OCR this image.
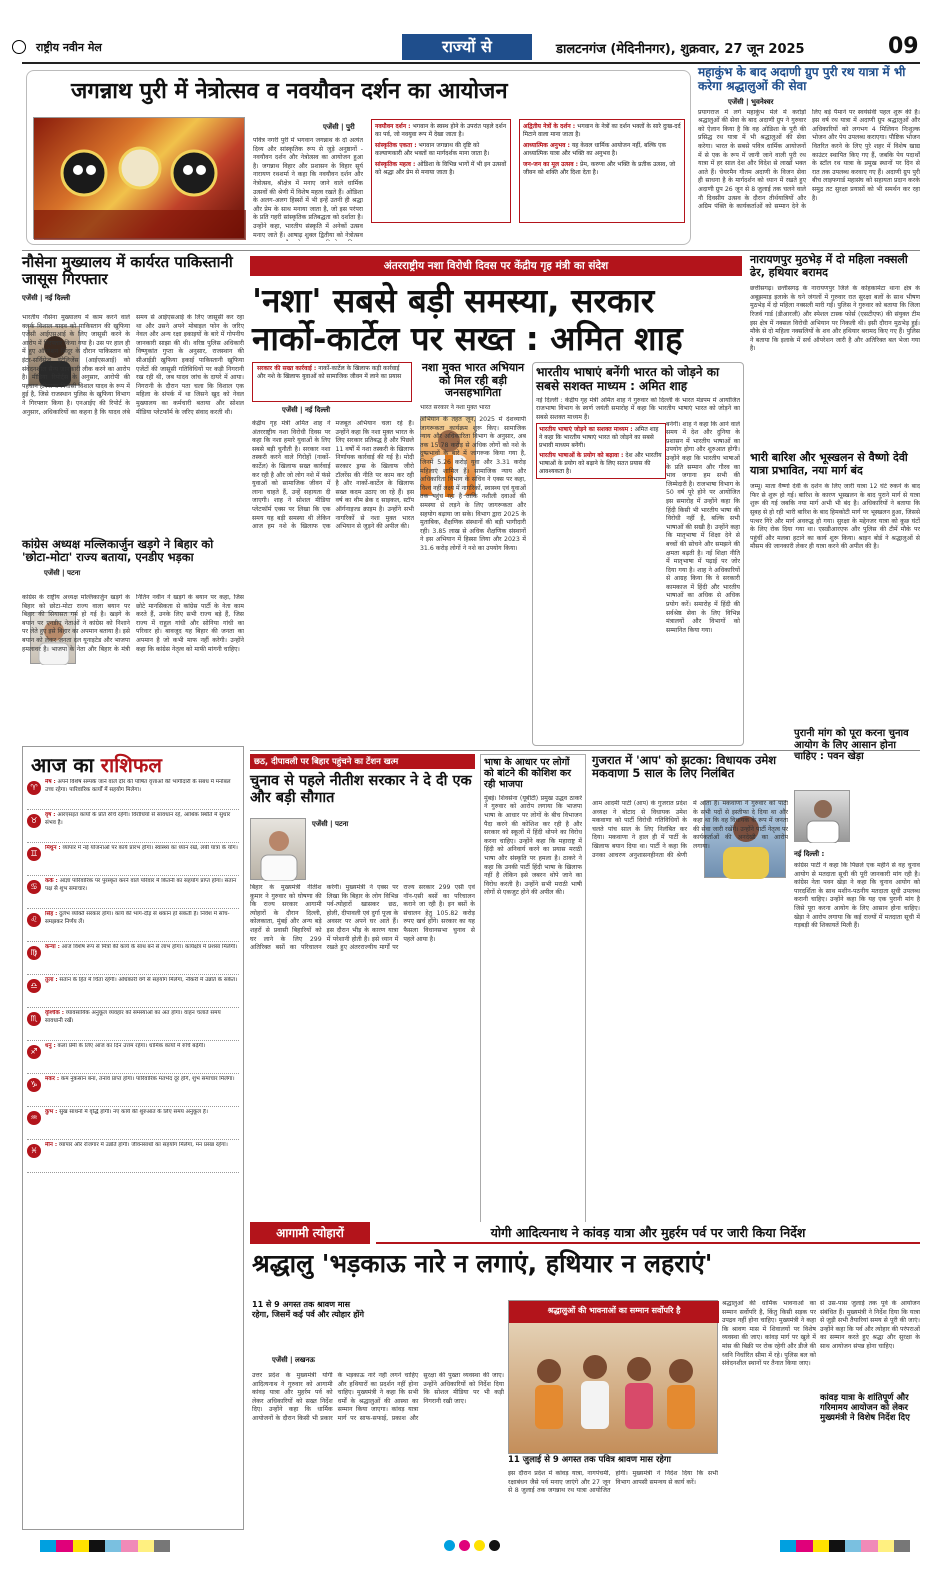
राष्ट्रीय नवीन मेल	राज्यों से	डालटनगंज (मेदिनीनगर), शुक्रवार, 27 जून 2025	09
जगन्नाथ पुरी में नेत्रोत्सव व नवयौवन दर्शन का आयोजन
एजेंसी | पुरी
पवित्र नगरी पुरी में भगवान जगन्नाथ के दो अत्यंत दिव्य और सांस्कृतिक रूप से जुड़े अनुष्ठानों - नवयौवन दर्शन और नेत्रोत्सव का आयोजन हुआ है। जगन्नाथ विहार और प्रशासन के विहार सूर्य नारायण रथशर्मा ने कहा कि नवयौवन दर्शन और नेत्रोत्सव, श्रीक्षेत्र में मनाए जाने वाले धार्मिक उत्सवों की श्रेणी में विशेष महत्व रखते हैं। ओडिशा के अलग-अलग हिस्सों में भी इन्हें उतनी ही श्रद्धा और प्रेम के साथ मनाया जाता है, जो इस परंपरा के प्रति गहरी सांस्कृतिक प्रतिबद्धता को दर्शाता है। उन्होंने कहा, भारतीय संस्कृति में अनेकों उत्सव मनाए जाते हैं। आषाढ़ शुक्ल द्वितीया को नेत्रोत्सव
नवयौवन दर्शन : भगवान के स्वस्थ होने के उपरांत पहले दर्शन का पर्व, जो नवयुवा रूप में देखा जाता है।
सांस्कृतिक एकता : भगवान जगन्नाथ की दृष्टि को कल्याणकारी और भक्तों का मार्गदर्शक माना जाता है।
सांस्कृतिक महत्व : ओडिशा के विभिन्न भागों में भी इन उत्सवों को श्रद्धा और प्रेम से मनाया जाता है।
अद्वितीय नेत्रों के दर्शन : भगवान के नेत्रों का दर्शन भक्तों के सारे दुःख-दर्द मिटाने वाला माना जाता है।
आध्यात्मिक अनुभव : यह केवल धार्मिक आयोजन नहीं, बल्कि एक आध्यात्मिक यात्रा और भक्ति का अनुभव है।
जन-जन का मूल उत्सव : प्रेम, करुणा और भक्ति के प्रतीक उत्सव, जो जीवन को शक्ति और दिशा देता है।
महाकुंभ के बाद अदाणी ग्रुप पुरी रथ यात्रा में भी करेगा श्रद्धालुओं की सेवा
एजेंसी | भुवनेश्वर
प्रयागराज में लगे महाकुंभ मेले में करोड़ों श्रद्धालुओं की सेवा के बाद अदाणी ग्रुप ने गुरुवार को ऐलान किया है कि वह ओडिशा के पुरी की प्रसिद्ध रथ यात्रा में भी श्रद्धालुओं की सेवा करेगा। भारत के सबसे पवित्र धार्मिक आयोजनों में से एक के रूप में जानी जाने वाली पुरी रथ यात्रा में हर साल देश और विदेश से लाखों भक्त आते हैं। चेयरमैन गौतम अदाणी के विजन सेवा ही साधना है के मार्गदर्शन को ध्यान में रखते हुए अदाणी ग्रुप 26 जून से 8 जुलाई तक चलने वाले नौ दिवसीय उत्सव के दौरान तीर्थयात्रियों और अग्रिम पंक्ति के कार्यकर्ताओं को सम्मान देने के लिए बड़े पैमाने पर स्वयंसेवी पहल शुरू की है। इस वर्ष रथ यात्रा में अदाणी ग्रुप श्रद्धालुओं और अधिकारियों को लगभग 4 मिलियन निःशुल्क भोजन और पेय उपलब्ध कराएगा। पौष्टिक भोजन वितरित करने के लिए पुरे शहर में विशेष खाद्य काउंटर स्थापित किए गए हैं, जबकि पेय पदार्थों के स्टॉल रथ यात्रा के प्रमुख स्थानों पर दिन से रात तक उपलब्ध करवाए गए हैं। अदाणी ग्रुप पुरी बीच लाइफगार्ड महासंघ को सहायता प्रदान करके समुद्र तट सुरक्षा प्रयासों को भी समर्थन कर रहा है।
नौसेना मुख्यालय में कार्यरत पाकिस्तानी जासूस गिरफ्तार
एजेंसी | नई दिल्ली
भारतीय नौसेना मुख्यालय में काम करने वाले क्लर्क विशाल यादव को पाकिस्तान की खुफिया एजेंसी आईएसआई के लिए जासूसी करने के आरोप में गिरफ्तार किया गया है। उस पर हाल ही में हुए ऑपरेशन सिंदूर के दौरान पाकिस्तान को इंटर-सर्विसेज इंटेलिजेंस (आईएसआई) को संवेदनशील सैन्य जानकारी लीक करने का आरोप है। मीडिया रिपोर्ट्स के अनुसार, आरोपी की पहचान हरियाणा निवासी विशाल यादव के रूप में हुई है, जिसे राजस्थान पुलिस के खुफिया विभाग ने गिरफ्तार किया है। एनआईए की रिपोर्ट के अनुसार, अधिकारियों का कहना है कि यादव लंबे समय से आईएसआई के लिए जासूसी कर रहा था और उसने अपने मोबाइल फोन के जरिए नेवल और अन्य रक्षा इकाइयों के बारे में गोपनीय जानकारी साझा की थी। वरिष्ठ पुलिस अधिकारी विष्णुकांत गुप्ता के अनुसार, राजस्थान की सीआईडी खुफिया इकाई पाकिस्तानी खुफिया एजेंटों की जासूसी गतिविधियों पर कड़ी निगरानी रख रही थी, जब यादव जांच के दायरे में आया। निगरानी के दौरान पता चला कि विशाल एक महिला के संपर्क में था जिसने खुद को नेवल मुख्यालय का कर्मचारी बताया और सोशल मीडिया प्लेटफॉर्म के जरिए संवाद करती थी।
कांग्रेस अध्यक्ष मल्लिकार्जुन खड़गे ने बिहार को 'छोटा-मोटा' राज्य बताया, एनडीए भड़का
एजेंसी | पटना
कांग्रेस के राष्ट्रीय अध्यक्ष मल्लिकार्जुन खड़गे के बिहार को छोटा-मोटा राज्य वाला बयान पर बिहार की सियासत गर्म हो गई है। खड़गे के बयान पर एनडीए नेताओं ने कांग्रेस को निशाने पर लेते हुए इसे बिहार का अपमान बताया है। इसे बयान को लेकर जनता दल यूनाइटेड और भाजपा हमलावर है। भाजपा के नेता और बिहार के मंत्री नितिन नवीन ने खड़गे के बयान पर कहा, जिस छोटे मानसिकता से कांग्रेस पार्टी के नेता काम करते हैं, उनके लिए सभी राज्य बड़े हैं, जिस राज्य में राहुल गांधी और सोनिया गांधी का परिवार हो। बावजूद यह बिहार की जनता का अपमान है जो कभी माफ नहीं करेगी। उन्होंने कहा कि कांग्रेस नेतृत्व को माफी मांगनी चाहिए।
आज का राशिफल
♈
मेष : अपने विशेष सम्पर्क जाने वाले दौर की पोषित वृत्ताओं की भागीदारी के संबंध में मनोबल उच्च रहेगा। पारिवारिक कार्यों में सहयोग मिलेगा।
♉
वृष : आरएसइत कार्यों के प्रति रुचि रहेगी। विरोधियों से सावधान रहें, आर्थिक स्थिति में सुधार संभव है।
♊
मिथुन : व्यापार में नई योजनाओं पर कार्य प्रारंभ होगा। स्वास्थ्य का ध्यान रखें, लंबी यात्रा के योग।
♋
कर्क : आज्ञा पारिवारिक पर पुरस्कृत करने वाले परिवार में कितनी का सहयोग प्राप्त होगा। संतान पक्ष से शुभ समाचार।
♌
सिंह : दुर्लभ व्यक्ति सरकार होगा। कार्य की भाग-दौड़ से थकान हो सकती है। निवेश में सोच-समझकर निर्णय लें।
♍
कन्या : आज विशेष रूप से मित्रों की कार्य के साथ बने से लाभ होगा। कार्यक्षेत्र में प्रशंसा मिलेगी।
♎
तुला : संतान के हित में चिंता रहेगी। अधिकारी वर्ग से सहयोग मिलेगा, नौकरी में उन्नति के संकेत।
♏
वृश्चिक : व्यावसायिक अनुकूल व्यवहार को समस्याओं का अंत होगा। वाहन चलाते समय सावधानी रखें।
♐
धनु : कला प्रेमी के लिए आज का दिन उत्तम रहेगा। धार्मिक कार्यों में रुचि बढ़ेगी।
♑
मकर : कम नुकसान बना, तनाव प्राप्त होगा। पारिवारिक मतभेद दूर होंगे, शुभ समाचार मिलेगा।
♒
कुंभ : सुख साधनों में वृद्धि होगी। नए कार्य की शुरुआत के लिए समय अनुकूल है।
♓
मीन : व्यापार और रोजगार में उन्नति होगी। जीवनसाथी का सहयोग मिलेगा, मन प्रसन्न रहेगा।
अंतरराष्ट्रीय नशा विरोधी दिवस पर केंद्रीय गृह मंत्री का संदेश
'नशा' सबसे बड़ी समस्या, सरकार
नार्को-कार्टेल पर सख्त : अमित शाह
सरकार की सख्त कार्रवाई : नार्को-कार्टेल के खिलाफ कड़ी कार्रवाई और नशे के खिलाफ युवाओं को सामाजिक जीवन में लाने का प्रयास
एजेंसी | नई दिल्ली
केंद्रीय गृह मंत्री अमित शाह ने अंतरराष्ट्रीय नशा विरोधी दिवस पर कहा कि नशा हमारे युवाओं के लिए सबसे बड़ी चुनौती है। सरकार नशा तस्करी करने वाले गिरोहों (नार्को-कार्टेल) के खिलाफ सख्त कार्रवाई कर रही है और जो लोग नशे में फंसे युवाओं को सामाजिक जीवन में लाना चाहते हैं, उन्हें सहायता दी जाएगी। शाह ने सोशल मीडिया प्लेटफॉर्म एक्स पर लिखा कि एक समय यह बड़ी समस्या थी लेकिन आज हम नशे के खिलाफ एक मजबूत अभियान चला रहे हैं। उन्होंने कहा कि नशा मुक्त भारत के लिए सरकार प्रतिबद्ध है और पिछले 11 वर्षों में नशा तस्करी के खिलाफ निर्णायक कार्रवाई की गई है। मोदी सरकार ड्रग्स के खिलाफ जीरो टॉलरेंस की नीति पर काम कर रही है और नार्को-कार्टेल के खिलाफ सख्त कदम उठाए जा रहे हैं। इस वर्ष का थीम ब्रेक द साइकल, स्टॉप ऑर्गनाइज्ड क्राइम है। उन्होंने सभी नागरिकों से नशा मुक्त भारत अभियान से जुड़ने की अपील की।
नशा मुक्त भारत अभियान को मिल रही बड़ी जनसहभागिता
भारत सरकार ने नशा मुक्त भारत
अभियान के तहत जून, 2025 में देशव्यापी जागरूकता कार्यक्रम शुरू किए। सामाजिक न्याय और अधिकारिता विभाग के अनुसार, अब तक 15.78 करोड़ से अधिक लोगों को नशे के दुष्प्रभावों के बारे में जागरूक किया गया है, जिनमें 5.26 करोड़ युवा और 3.31 करोड़ महिलाएं शामिल हैं। सामाजिक न्याय और अधिकारिता विभाग के सचिव ने एक्स पर कहा, विश्व नहीं लक्ष्य में नागरिकों, स्वास्थ्य एवं युवाओं तक पहुंच रहा है ताकि नशीली दवाओं की समस्या से लड़ने के लिए जागरूकता और सहयोग बढ़ाया जा सके। विभाग द्वारा 2025 के मुताबिक, शैक्षणिक संस्थानों की बड़ी भागीदारी रही। 3.85 लाख से अधिक शैक्षणिक संस्थानों ने इस अभियान में हिस्सा लिया और 2023 में 31.6 करोड़ लोगों ने नशे का उपयोग किया।
भारतीय भाषाएं बनेंगी भारत को जोड़ने का सबसे सशक्त माध्यम : अमित शाह
नई दिल्ली : केंद्रीय गृह मंत्री अमित शाह ने गुरुवार को दिल्ली के भारत मंडपम में आयोजित राजभाषा विभाग के स्वर्ण जयंती समारोह में कहा कि भारतीय भाषाएं भारत को जोड़ने का सबसे सशक्त माध्यम हैं।
भारतीय भाषाएं जोड़ने का सशक्त माध्यम : अमित शाह ने कहा कि भारतीय भाषाएं भारत को जोड़ने का सबसे प्रभावी माध्यम बनेंगी।
भारतीय भाषाओं के प्रयोग को बढ़ावा : देश और भारतीय भाषाओं के प्रयोग को बढ़ाने के लिए सतत प्रयास की आवश्यकता है।
बनेगी। शाह ने कहा कि आने वाले समय में देश और दुनिया के प्रशासन में भारतीय भाषाओं का उपयोग होगा और शुरुआत होगी। उन्होंने कहा कि भारतीय भाषाओं के प्रति सम्मान और गौरव का भाव जगाना हम सभी की जिम्मेदारी है। राजभाषा विभाग के 50 वर्ष पूरे होने पर आयोजित इस समारोह में उन्होंने कहा कि हिंदी किसी भी भारतीय भाषा की विरोधी नहीं है, बल्कि सभी भाषाओं की सखी है। उन्होंने कहा कि मातृभाषा में शिक्षा देने से बच्चों की सोचने और समझने की क्षमता बढ़ती है। नई शिक्षा नीति में मातृभाषा में पढ़ाई पर जोर दिया गया है। शाह ने अधिकारियों से आग्रह किया कि वे सरकारी कामकाज में हिंदी और भारतीय भाषाओं का अधिक से अधिक प्रयोग करें। समारोह में हिंदी की सर्वश्रेष्ठ सेवा के लिए विभिन्न मंत्रालयों और विभागों को सम्मानित किया गया।
नारायणपुर मुठभेड़ में दो महिला नक्सली ढेर, हथियार बरामद
छत्तीसगढ़। छत्तीसगढ़ के नारायणपुर जिले के कोहकामेटा थाना क्षेत्र के अबूझमाड़ इलाके के घने जंगलों में गुरुवार रात सुरक्षा बलों के साथ भीषण मुठभेड़ में दो महिला नक्सली मारी गईं। पुलिस ने गुरुवार को बताया कि जिला रिजर्व गार्ड (डीआरजी) और स्पेशल टास्क फोर्स (एसटीएफ) की संयुक्त टीम इस क्षेत्र में नक्सल विरोधी अभियान पर निकली थी। इसी दौरान मुठभेड़ हुई। मौके से दो महिला नक्सलियों के शव और हथियार बरामद किए गए हैं। पुलिस ने बताया कि इलाके में सर्च ऑपरेशन जारी है और अतिरिक्त बल भेजा गया है।
भारी बारिश और भूस्खलन से वैष्णो देवी यात्रा प्रभावित, नया मार्ग बंद
जम्मू। माता वैष्णो देवी के दर्शन के लिए जारी यात्रा 12 घंटे रुकने के बाद फिर से शुरू हो गई। बारिश के कारण भूस्खलन के बाद पुराने मार्ग से यात्रा शुरू की गई जबकि नया मार्ग अभी भी बंद है। अधिकारियों ने बताया कि सुबह से हो रही भारी बारिश के बाद हिमकोटी मार्ग पर भूस्खलन हुआ, जिससे पत्थर गिरे और मार्ग अवरुद्ध हो गया। सुरक्षा के मद्देनजर यात्रा को कुछ घंटों के लिए रोक दिया गया था। एसडीआरएफ और पुलिस की टीमें मौके पर पहुंचीं और मलबा हटाने का कार्य शुरू किया। श्राइन बोर्ड ने श्रद्धालुओं से मौसम की जानकारी लेकर ही यात्रा करने की अपील की है।
छठ, दीपावली पर बिहार पहुंचने का टेंशन खत्म
चुनाव से पहले नीतीश सरकार ने दे दी एक और बड़ी सौगात
एजेंसी | पटना
बिहार के मुख्यमंत्री नीतीश कुमार ने गुरुवार को घोषणा की कि राज्य सरकार आगामी त्योहारों के दौरान दिल्ली, कोलकाता, मुंबई और अन्य बड़े शहरों से प्रवासी बिहारियों को घर लाने के लिए 299 अतिरिक्त बसों का परिचालन करेगी। मुख्यमंत्री ने एक्स पर लिखा कि बिहार के लोग विभिन्न पर्व-त्योहारों खासकर छठ, होली, दीपावली एवं दुर्गा पूजा के अवसर पर अपने घर आते हैं। इस दौरान भीड़ के कारण यात्रा में परेशानी होती है। इसे ध्यान में रखते हुए अंतरराज्यीय मार्गों पर राज्य सरकार 299 एसी एवं नॉन-एसी बसों का परिचालन कराने जा रही है। इन बसों के संचालन हेतु 105.82 करोड़ रुपए खर्च होंगे। सरकार का यह फैसला विधानसभा चुनाव से पहले आया है।
भाषा के आधार पर लोगों को बांटने की कोशिश कर रही भाजपा
मुंबई। शिवसेना (यूबीटी) प्रमुख उद्धव ठाकरे ने गुरुवार को आरोप लगाया कि भाजपा भाषा के आधार पर लोगों के बीच विभाजन पैदा करने की कोशिश कर रही है और सरकार को स्कूलों में हिंदी थोपने का विरोध करना चाहिए। उन्होंने कहा कि महाराष्ट्र में हिंदी को अनिवार्य करने का प्रयास मराठी भाषा और संस्कृति पर हमला है। ठाकरे ने कहा कि उनकी पार्टी हिंदी भाषा के खिलाफ नहीं है लेकिन इसे जबरन थोपे जाने का विरोध करती है। उन्होंने सभी मराठी भाषी लोगों से एकजुट होने की अपील की।
गुजरात में 'आप' को झटका: विधायक उमेश मकवाणा 5 साल के लिए निलंबित
आम आदमी पार्टी (आप) के गुजरात प्रदेश अध्यक्ष ने बोटाद से विधायक उमेश मकवाणा को पार्टी विरोधी गतिविधियों के चलते पांच साल के लिए निलंबित कर दिया। मकवाणा ने हाल ही में पार्टी के खिलाफ बयान दिया था। पार्टी ने कहा कि उनका आचरण अनुशासनहीनता की श्रेणी में आता है। मकवाणा ने गुरुवार को पार्टी के सभी पदों से इस्तीफा दे दिया था और कहा था कि वह विधायक के रूप में जनता की सेवा जारी रखेंगे। उन्होंने पार्टी नेतृत्व पर कार्यकर्ताओं की अनदेखी का आरोप लगाया।
पुरानी मांग को पूरा करना चुनाव आयोग के लिए आसान होना चाहिए : पवन खेड़ा
नई दिल्ली :
कांग्रेस पार्टी ने कहा कि पिछले एक महीने से वह चुनाव आयोग से मतदाता सूची की पूरी जानकारी मांग रही है। कांग्रेस नेता पवन खेड़ा ने कहा कि चुनाव आयोग को पारदर्शिता के साथ मशीन-पठनीय मतदाता सूची उपलब्ध करानी चाहिए। उन्होंने कहा कि यह एक पुरानी मांग है जिसे पूरा करना आयोग के लिए आसान होना चाहिए। खेड़ा ने आरोप लगाया कि कई राज्यों में मतदाता सूची में गड़बड़ी की शिकायतें मिली हैं।
आगामी त्योहारों	योगी आदित्यनाथ ने कांवड़ यात्रा और मुहर्रम पर्व पर जारी किया निर्देश
श्रद्धालु 'भड़काऊ नारे न लगाएं, हथियार न लहराएं'
11 से 9 अगस्त तक श्रावण मास रहेगा, जिसमें कई पर्व और त्योहार होंगे
एजेंसी | लखनऊ
उत्तर प्रदेश के मुख्यमंत्री योगी आदित्यनाथ ने गुरुवार को आगामी कांवड़ यात्रा और मुहर्रम पर्व को लेकर अधिकारियों को सख्त निर्देश दिए। उन्होंने कहा कि धार्मिक आयोजनों के दौरान किसी भी प्रकार के भड़काऊ नारे नहीं लगने चाहिए और हथियारों का प्रदर्शन नहीं होना चाहिए। मुख्यमंत्री ने कहा कि सभी धर्मों के श्रद्धालुओं की आस्था का सम्मान किया जाएगा। कांवड़ यात्रा मार्ग पर साफ-सफाई, प्रकाश और सुरक्षा की पुख्ता व्यवस्था की जाए। उन्होंने अधिकारियों को निर्देश दिया कि सोशल मीडिया पर भी कड़ी निगरानी रखी जाए।
श्रद्धालुओं की भावनाओं का सम्मान सर्वोपरि है
श्रद्धालुओं की धार्मिक भावनाओं का सम्मान सर्वोपरि है, किंतु किसी सड़क पर उपद्रव नहीं होना चाहिए। मुख्यमंत्री ने कहा कि श्रावण मास में शिवालयों पर विशेष व्यवस्था की जाए। कांवड़ मार्ग पर खुले में मांस की बिक्री पर रोक रहेगी और डीजे की ध्वनि निर्धारित सीमा में रहे। पुलिस बल को संवेदनशील स्थानों पर तैनात किया जाए।
इस दौरान प्रदेश में कांवड़ यात्रा, नागपंचमी, रक्षाबंधन जैसे पर्व मनाए जाएंगे और 27 जून से 8 जुलाई तक जगन्नाथ रथ यात्रा आयोजित होगी। मुख्यमंत्री ने निर्देश दिया कि सभी विभाग आपसी समन्वय से कार्य करें।
11 जुलाई से 9 अगस्त तक पवित्र श्रावण मास रहेगा
से उस-पास जुलाई तक पूर्व के आयोजन संबंधित हैं। मुख्यमंत्री ने निर्देश दिया कि यात्रा से जुड़ी सभी तैयारियां समय से पूरी की जाएं। उन्होंने कहा कि पर्व और त्योहार की परंपराओं का सम्मान करते हुए श्रद्धा और सुरक्षा के साथ आयोजन संपन्न होना चाहिए।
कांवड़ यात्रा के शांतिपूर्ण और गरिमामय आयोजन को लेकर मुख्यमंत्री ने विशेष निर्देश दिए
